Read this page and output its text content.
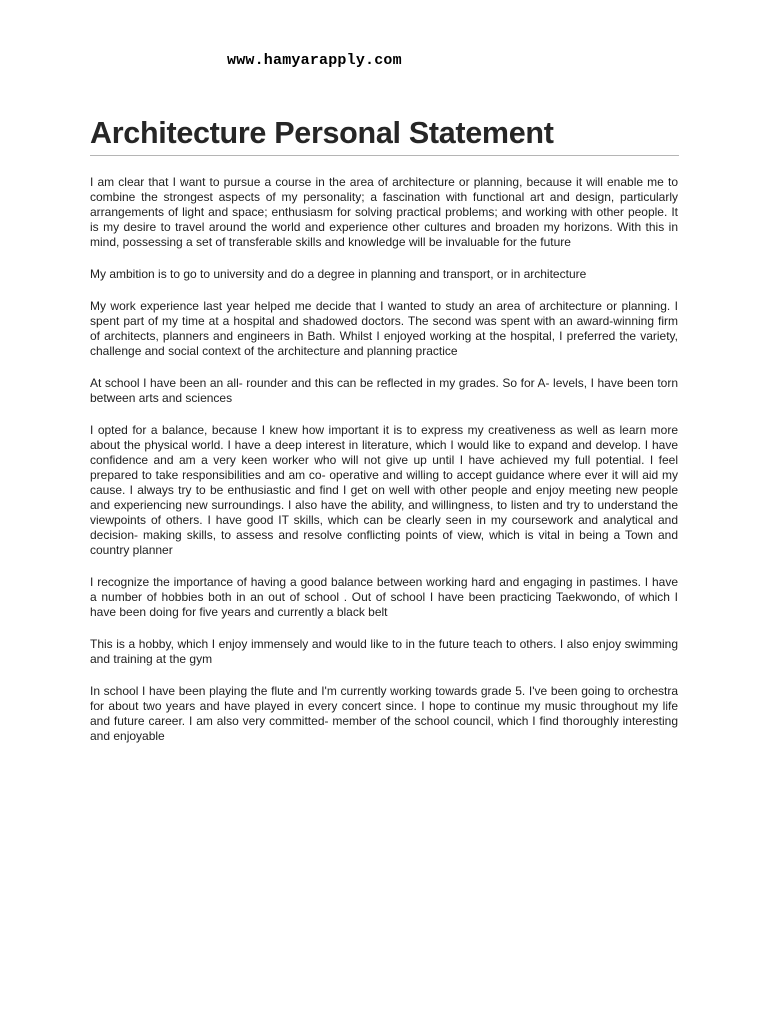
www.hamyarapply.com
Architecture Personal Statement

I am clear that I want to pursue a course in the area of architecture or planning, because it will enable me to combine the strongest aspects of my personality; a fascination with functional art and design, particularly arrangements of light and space; enthusiasm for solving practical problems; and working with other people. It is my desire to travel around the world and experience other cultures and broaden my horizons. With this in mind, possessing a set of transferable skills and knowledge will be invaluable for the future

My ambition is to go to university and do a degree in planning and transport, or in architecture

My work experience last year helped me decide that I wanted to study an area of architecture or planning. I spent part of my time at a hospital and shadowed doctors. The second was spent with an award-winning firm of architects, planners and engineers in Bath. Whilst I enjoyed working at the hospital, I preferred the variety, challenge and social context of the architecture and planning practice

At school I have been an all- rounder and this can be reflected in my grades. So for A- levels, I have been torn between arts and sciences

I opted for a balance, because I knew how important it is to express my creativeness as well as learn more about the physical world. I have a deep interest in literature, which I would like to expand and develop. I have confidence and am a very keen worker who will not give up until I have achieved my full potential. I feel prepared to take responsibilities and am co- operative and willing to accept guidance where ever it will aid my cause. I always try to be enthusiastic and find I get on well with other people and enjoy meeting new people and experiencing new surroundings. I also have the ability, and willingness, to listen and try to understand the viewpoints of others. I have good IT skills, which can be clearly seen in my coursework and analytical and decision- making skills, to assess and resolve conflicting points of view, which is vital in being a Town and country planner

I recognize the importance of having a good balance between working hard and engaging in pastimes. I have a number of hobbies both in an out of school . Out of school I have been practicing Taekwondo, of which I have been doing for five years and currently a black belt

This is a hobby, which I enjoy immensely and would like to in the future teach to others. I also enjoy swimming and training at the gym

In school I have been playing the flute and I'm currently working towards grade 5. I've been going to orchestra for about two years and have played in every concert since. I hope to continue my music throughout my life and future career. I am also very committed- member of the school council, which I find thoroughly interesting and enjoyable
